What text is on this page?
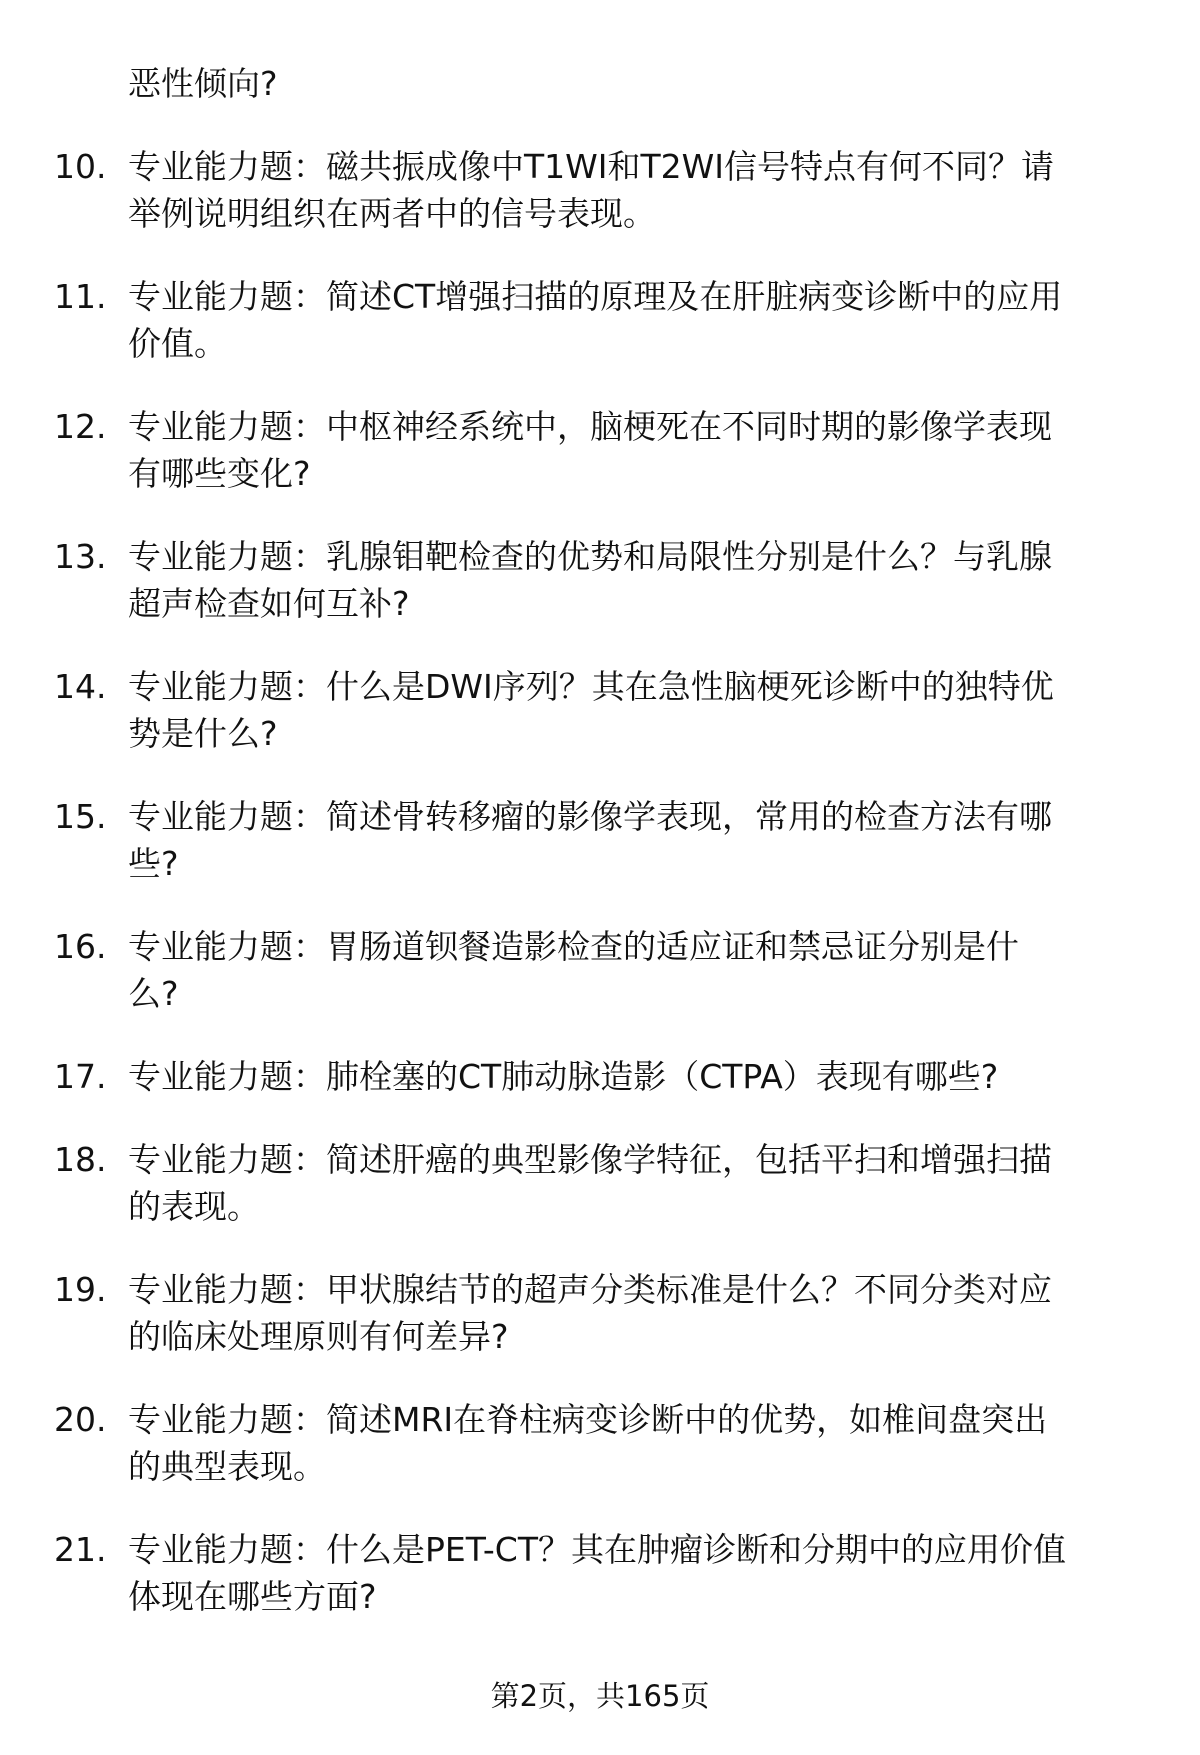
恶性倾向?
10. 专业能力题：磁共振成像中T1WI和T2WI信号特点有何不同？请
举例说明组织在两者中的信号表现。
11. 专业能力题：简述CT增强扫描的原理及在肝脏病变诊断中的应用
价值。
12. 专业能力题：中枢神经系统中，脑梗死在不同时期的影像学表现
有哪些变化?
13. 专业能力题：乳腺钼靶检查的优势和局限性分别是什么？与乳腺
超声检查如何互补?
14. 专业能力题：什么是DWI序列？其在急性脑梗死诊断中的独特优
势是什么?
15. 专业能力题：简述骨转移瘤的影像学表现，常用的检查方法有哪
些?
16. 专业能力题：胃肠道钡餐造影检查的适应证和禁忌证分别是什
么?
17. 专业能力题：肺栓塞的CT肺动脉造影（CTPA）表现有哪些?
18. 专业能力题：简述肝癌的典型影像学特征，包括平扫和增强扫描
的表现。
19. 专业能力题：甲状腺结节的超声分类标准是什么？不同分类对应
的临床处理原则有何差异?
20. 专业能力题：简述MRI在脊柱病变诊断中的优势，如椎间盘突出
的典型表现。
21. 专业能力题：什么是PET-CT？其在肿瘤诊断和分期中的应用价值
体现在哪些方面?
第2页，共165页
